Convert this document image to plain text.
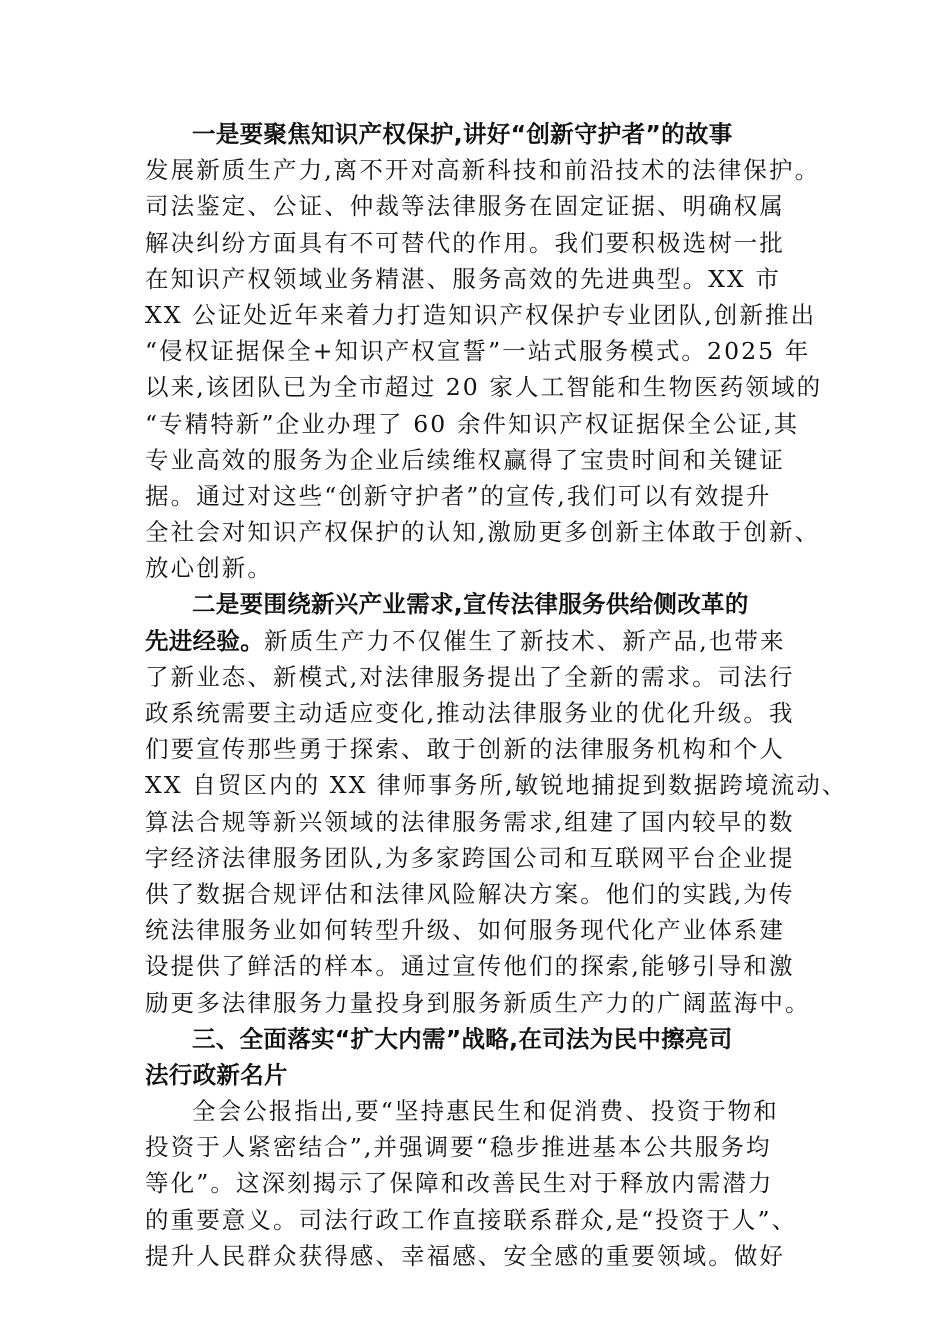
一是要聚焦知识产权保护,讲好“创新守护者”的故事
发展新质生产力,离不开对高新科技和前沿技术的法律保护。
司法鉴定、公证、仲裁等法律服务在固定证据、明确权属
解决纠纷方面具有不可替代的作用。我们要积极选树一批
在知识产权领域业务精湛、服务高效的先进典型。XX 市
XX 公证处近年来着力打造知识产权保护专业团队,创新推出
“侵权证据保全+知识产权宣誓”一站式服务模式。2025 年
以来,该团队已为全市超过 20 家人工智能和生物医药领域的
“专精特新”企业办理了 60 余件知识产权证据保全公证,其
专业高效的服务为企业后续维权赢得了宝贵时间和关键证
据。通过对这些“创新守护者”的宣传,我们可以有效提升
全社会对知识产权保护的认知,激励更多创新主体敢于创新、
放心创新。
二是要围绕新兴产业需求,宣传法律服务供给侧改革的
先进经验。新质生产力不仅催生了新技术、新产品,也带来
了新业态、新模式,对法律服务提出了全新的需求。司法行
政系统需要主动适应变化,推动法律服务业的优化升级。我
们要宣传那些勇于探索、敢于创新的法律服务机构和个人
XX 自贸区内的 XX 律师事务所,敏锐地捕捉到数据跨境流动、
算法合规等新兴领域的法律服务需求,组建了国内较早的数
字经济法律服务团队,为多家跨国公司和互联网平台企业提
供了数据合规评估和法律风险解决方案。他们的实践,为传
统法律服务业如何转型升级、如何服务现代化产业体系建
设提供了鲜活的样本。通过宣传他们的探索,能够引导和激
励更多法律服务力量投身到服务新质生产力的广阔蓝海中。
三、全面落实“扩大内需”战略,在司法为民中擦亮司
法行政新名片
全会公报指出,要“坚持惠民生和促消费、投资于物和
投资于人紧密结合”,并强调要“稳步推进基本公共服务均
等化”。这深刻揭示了保障和改善民生对于释放内需潜力
的重要意义。司法行政工作直接联系群众,是“投资于人”、
提升人民群众获得感、幸福感、安全感的重要领域。做好
